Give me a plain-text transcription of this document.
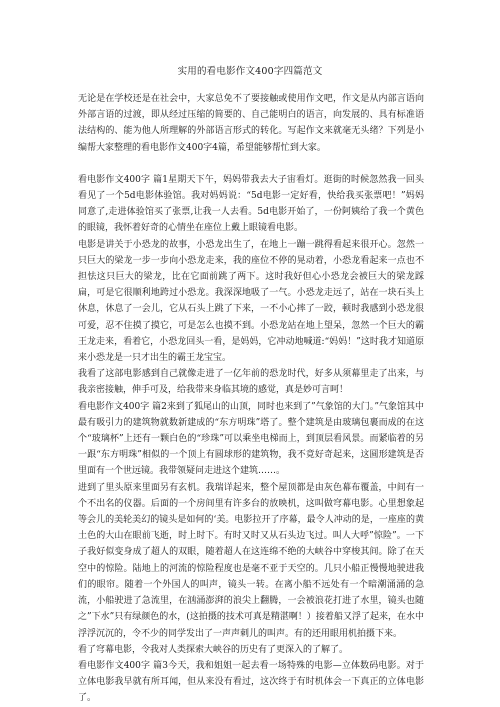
实用的看电影作文400字四篇范文

无论是在学校还是在社会中，大家总免不了要接触或使用作文吧，作文是从内部言语向外部言语的过渡，即从经过压缩的简要的、自己能明白的语言，向发展的、具有标准语法结构的、能为他人所理解的外部语言形式的转化。写起作文来就毫无头绪？下列是小编帮大家整理的看电影作文400字4篇，希望能够帮忙到大家。

看电影作文400字 篇1星期天下午，妈妈带我去大子宙看灯。逛街的时候忽然我一回头看见了一个5d电影体验馆。我对妈妈说：“5d电影一定好看，快给我买张票吧！”妈妈同意了,走进体验馆买了张票,让我一人去看。5d电影开始了，一份阿姨给了我一个黄色的眼镜，我怀着好奇的心情坐在座位上戴上眼镜看电影。

电影是讲关于小恐龙的故事，小恐龙出生了，在地上一蹦一跳得看起来很开心。忽然一只巨大的梁龙一步一步向小恐龙走来，我的座位不停的晃动着，小恐龙看起来一点也不担怯这只巨大的梁龙，比在它面前跳了两下。这时我好但心小恐龙会被巨大的梁龙踩扁，可是它很顺利地跨过小恐龙。我深深地吸了一气。小恐龙走远了，站在一块石头上休息，休息了一会儿，它从石头上跳了下来，一不小心摔了一跤，顿时我感到小恐龙很可爱，忍不住摸了摸它，可是怎么也摸不到。小恐龙站在地上望呆，忽然一个巨大的霸王龙走来，看着它，小恐龙回头一看，是妈妈，它冲动地喊道:“妈妈！”这时我才知道原来小恐龙是一只才出生的霸王龙宝宝。

我看了这部电影感到自己就像走进了一亿年前的恐龙时代，好多从须幕里走了出来，与我亲密接触，伸手可及，给我带来身临其境的感觉，真是妙可言呵！

看电影作文400字 篇2来到了狐尾山的山顶，同时也来到了”气象馆的大门。”气象馆其中最有吸引力的建筑物就数新建成的“东方明珠”塔了。整个建筑是由玻璃包裹而成的在这个“玻璃杯”上还有一颗白色的“珍珠”可以乘坐电梯而上，到顶层看风景。而紧临着的另一跟“东方明珠”相似的一个顶上有圆球形的建筑物，我不竟好奇起来，这圆形建筑是否里面有一个世远镜。我带领疑问走进这个建筑……。

进到了里头原来里面另有玄机。我瑞详起来，整个屋顶都是由灰色幕布覆盖，中间有一个不出名的仪器。后面的一个房间里有许多台的放映机，这叫做穹幕电影。心里想象起等会儿的美轮美幻的镜头是如何的‘美。电影拉开了序幕，最令人冲动的是，一座座的黄土色的大山在眼前飞逝，时上时下。有时又时又从石头边飞过。叫人大呼”惊险”。一下子我好似变身成了超人的双眼，随着超人在这连绵不绝的大峡谷中穿梭其间。除了在天空中的惊险。陆地上的河流的惊险程度也是毫不亚于天空的。几只小船正慢慢地驶进我们的眼帘。随着一个外国人的叫声，镜头一转。在离小船不远处有一个暗潮涌涌的急流，小船驶进了急流里，在汹涌澎湃的浪尖上翻腾，一会被浪花打进了水里，镜头也随之”下水”只有绿颜色的水，(这拍摄的技术可真是精湛啊！）接着船又浮了起来，在水中浮浮沉沉的，令不少的同学发出了一声声刺儿的叫声。有的还用眼用机拍摄下来。

看了穹幕电影，令我对人类探索大峡谷的历史有了更深入的了解了。

看电影作文400字 篇3今天，我和姐姐一起去看一场特殊的电影—立体数码电影。对于立体电影我早就有所耳闻，但从来没有看过，这次终于有时机体会一下真正的立体电影了。
